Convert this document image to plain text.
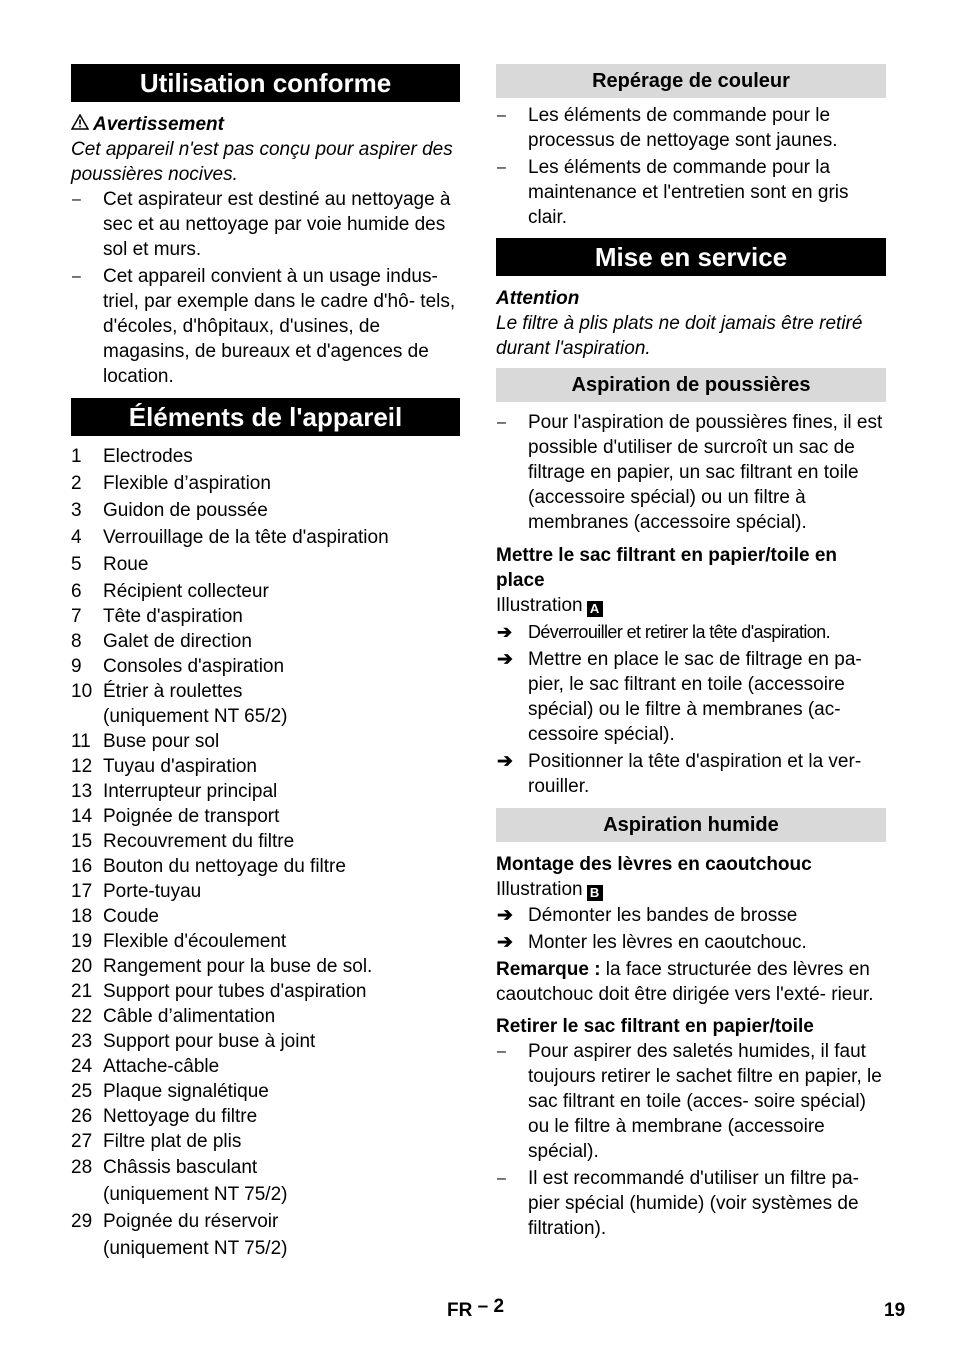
Utilisation conforme
Avertissement
Cet appareil n'est pas conçu pour aspirer des poussières nocives.
– Cet aspirateur est destiné au nettoyage à sec et au nettoyage par voie humide des sol et murs.
– Cet appareil convient à un usage indus- triel, par exemple dans le cadre d'hô- tels, d'écoles, d'hôpitaux, d'usines, de magasins, de bureaux et d'agences de location.
Éléments de l'appareil
1	Electrodes
2	Flexible d’aspiration
3	Guidon de poussée
4	Verrouillage de la tête d'aspiration
5	Roue
6	Récipient collecteur
7	Tête d'aspiration
8	Galet de direction
9	Consoles d'aspiration
10 Étrier à roulettes (uniquement NT 65/2)
11 Buse pour sol
12 Tuyau d'aspiration
13 Interrupteur principal
14 Poignée de transport
15 Recouvrement du filtre
16 Bouton du nettoyage du filtre
17 Porte-tuyau
18 Coude
19 Flexible d'écoulement
20 Rangement pour la buse de sol.
21 Support pour tubes d'aspiration
22 Câble d’alimentation
23 Support pour buse à joint
24 Attache-câble
25 Plaque signalétique
26 Nettoyage du filtre
27 Filtre plat de plis
28 Châssis basculant (uniquement NT 75/2)
29 Poignée du réservoir (uniquement NT 75/2)
Repérage de couleur
– Les éléments de commande pour le processus de nettoyage sont jaunes.
– Les éléments de commande pour la maintenance et l'entretien sont en gris clair.
Mise en service
Attention
Le filtre à plis plats ne doit jamais être retiré durant l'aspiration.
Aspiration de poussières
– Pour l'aspiration de poussières fines, il est possible d'utiliser de surcroît un sac de filtrage en papier, un sac filtrant en toile (accessoire spécial) ou un filtre à membranes (accessoire spécial).
Mettre le sac filtrant en papier/toile en place
Illustration A
➔ Déverrouiller et retirer la tête d'aspiration.
➔ Mettre en place le sac de filtrage en pa- pier, le sac filtrant en toile (accessoire spécial) ou le filtre à membranes (ac- cessoire spécial).
➔ Positionner la tête d'aspiration et la ver- rouiller.
Aspiration humide
Montage des lèvres en caoutchouc
Illustration B
➔ Démonter les bandes de brosse
➔ Monter les lèvres en caoutchouc.
Remarque : la face structurée des lèvres en caoutchouc doit être dirigée vers l'exté- rieur.
Retirer le sac filtrant en papier/toile
– Pour aspirer des saletés humides, il faut toujours retirer le sachet filtre en papier, le sac filtrant en toile (acces- soire spécial) ou le filtre à membrane (accessoire spécial).
– Il est recommandé d'utiliser un filtre pa- pier spécial (humide) (voir systèmes de filtration).
FR – 2	19
